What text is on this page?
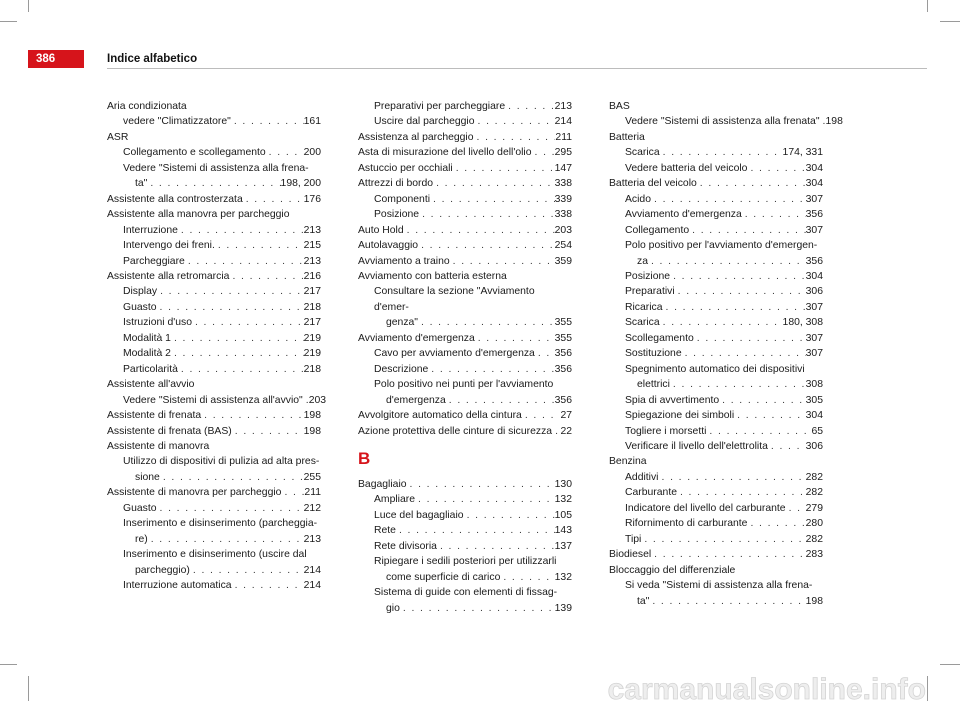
386	Indice alfabetico
Aria condizionata
vedere "Climatizzatore" . . .	161
ASR
Collegamento e scollegamento . . .	200
Vedere "Sistemi di assistenza alla frena-
ta" . . .	198, 200
Assistente alla controsterzata . . .	176
Assistente alla manovra per parcheggio
Interruzione . . .	213
Intervengo dei freni. . . .	215
Parcheggiare . . .	213
Assistente alla retromarcia . . .	216
Display . . .	217
Guasto . . .	218
Istruzioni d'uso . . .	217
Modalità 1 . . .	219
Modalità 2 . . .	219
Particolarità . . .	218
Assistente all'avvio
Vedere "Sistemi di assistenza all'avvio" . . . 203
Assistente di frenata . . .	198
Assistente di frenata (BAS) . . .	198
Assistente di manovra
Utilizzo di dispositivi di pulizia ad alta pres-
sione . . .	255
Assistente di manovra per parcheggio . . . 211
Guasto . . .	212
Inserimento e disinserimento (parcheggia-
re) . . .	213
Inserimento e disinserimento (uscire dal
parcheggio) . . .	214
Interruzione automatica . . .	214
Preparativi per parcheggiare . . .	213
Uscire dal parcheggio . . .	214
Assistenza al parcheggio . . .	211
Asta di misurazione del livello dell'olio . . . 295
Astuccio per occhiali . . .	147
Attrezzi di bordo . . .	338
Componenti . . .	339
Posizione . . .	338
Auto Hold . . .	203
Autolavaggio . . .	254
Avviamento a traino . . .	359
Avviamento con batteria esterna
Consultare la sezione "Avviamento d'emer-
genza" . . .	355
Avviamento d'emergenza . . .	355
Cavo per avviamento d'emergenza . . . 356
Descrizione . . .	356
Polo positivo nei punti per l'avviamento
d'emergenza . . .	356
Avvolgitore automatico della cintura . . .	27
Azione protettiva delle cinture di sicurezza . . . 22
B
Bagagliaio . . .	130
Ampliare . . .	132
Luce del bagagliaio . . .	105
Rete . . .	143
Rete divisoria . . .	137
Ripiegare i sedili posteriori per utilizzarli
come superficie di carico . . .	132
Sistema di guide con elementi di fissag-
gio . . .	139
BAS
Vedere "Sistemi di assistenza alla frenata" . . . 198
Batteria
Scarica . . .	174, 331
Vedere batteria del veicolo . . .	304
Batteria del veicolo . . .	304
Acido . . .	307
Avviamento d'emergenza . . .	356
Collegamento . . .	307
Polo positivo per l'avviamento d'emergen-
za . . .	356
Posizione . . .	304
Preparativi . . .	306
Ricarica . . .	307
Scarica . . .	180, 308
Scollegamento . . .	307
Sostituzione . . .	307
Spegnimento automatico dei dispositivi
elettrici . . .	308
Spia di avvertimento . . .	305
Spiegazione dei simboli . . .	304
Togliere i morsetti . . .	65
Verificare il livello dell'elettrolita . . .	306
Benzina
Additivi . . .	282
Carburante . . .	282
Indicatore del livello del carburante . . . 279
Rifornimento di carburante . . .	280
Tipi . . .	282
Biodiesel . . .	283
Bloccaggio del differenziale
Si veda "Sistemi di assistenza alla frena-
ta" . . .	198
carmanualsonline.info
